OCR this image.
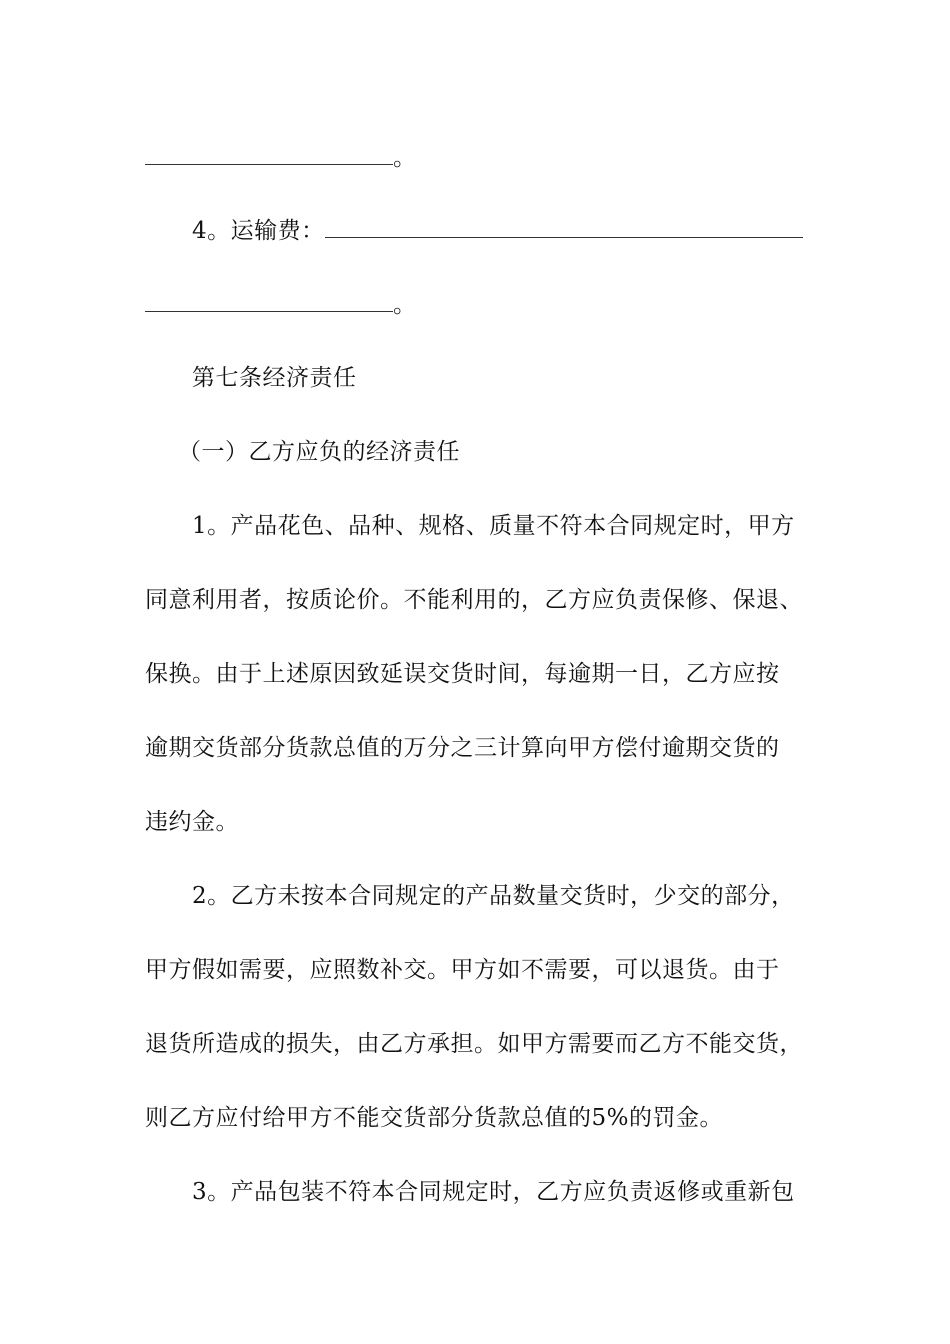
。
4。运输费：
。
第七条经济责任
（一）乙方应负的经济责任
1。产品花色、品种、规格、质量不符本合同规定时，甲方
同意利用者，按质论价。不能利用的，乙方应负责保修、保退、
保换。由于上述原因致延误交货时间，每逾期一日，乙方应按
逾期交货部分货款总值的万分之三计算向甲方偿付逾期交货的
违约金。
2。乙方未按本合同规定的产品数量交货时，少交的部分，
甲方假如需要，应照数补交。甲方如不需要，可以退货。由于
退货所造成的损失，由乙方承担。如甲方需要而乙方不能交货，
则乙方应付给甲方不能交货部分货款总值的5%的罚金。
3。产品包装不符本合同规定时，乙方应负责返修或重新包
